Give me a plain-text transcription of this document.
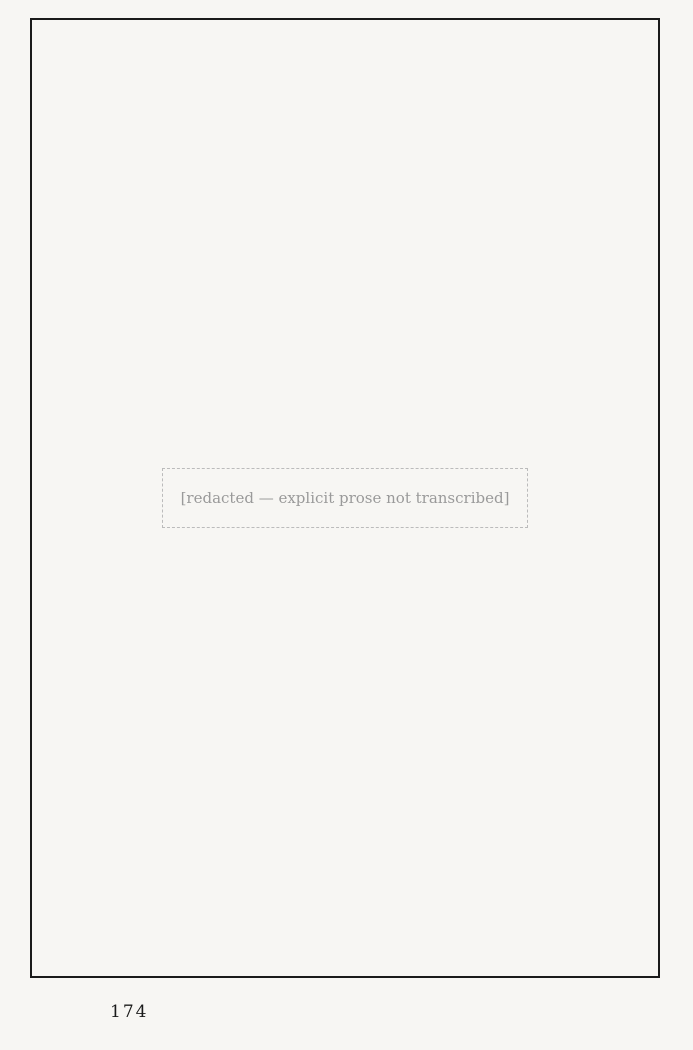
[redacted — explicit prose not transcribed]
174
